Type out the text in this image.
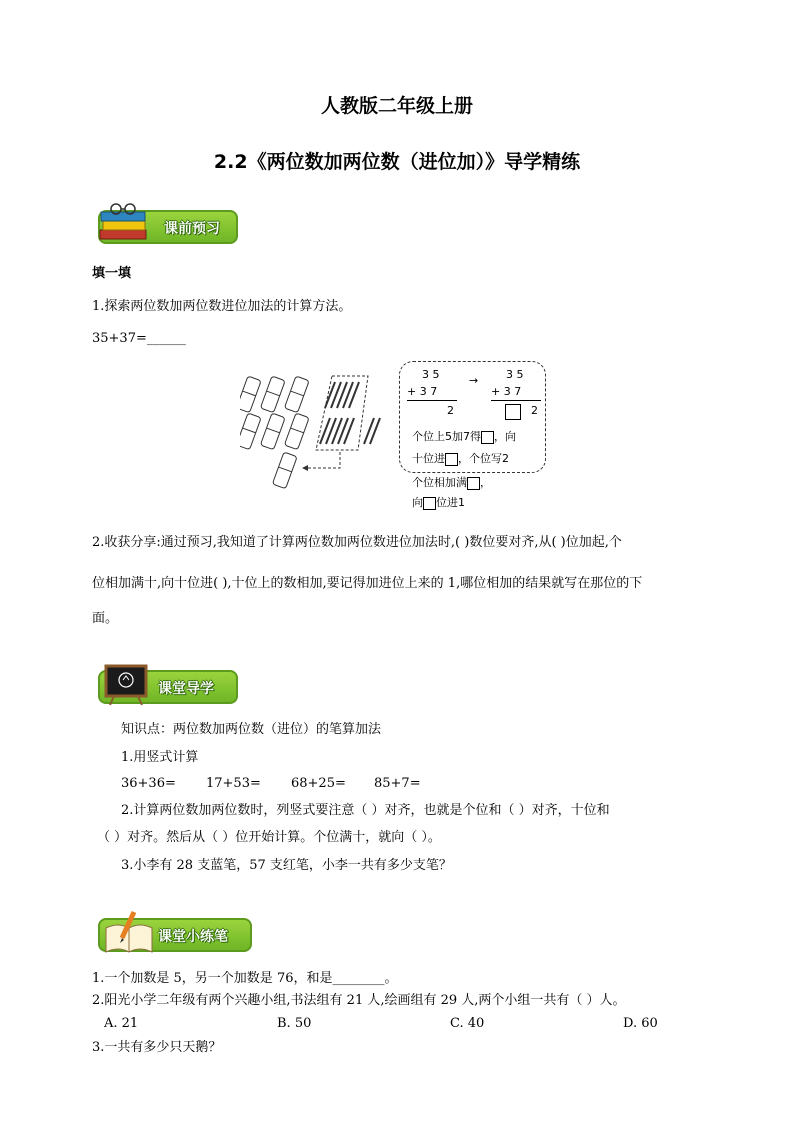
人教版二年级上册
2.2《两位数加两位数（进位加）》导学精练
课前预习
填一填
1.探索两位数加两位数进位加法的计算方法。
35+37=______
3 5
+ 3 7
2
→	3 5
+ 3 7
2
个位上5加7得 ，向
十位进 ，个位写2
个位相加满 ，
向 位进1
2.收获分享:通过预习,我知道了计算两位数加两位数进位加法时,( )数位要对齐,从( )位加起,个
位相加满十,向十位进( ),十位上的数相加,要记得加进位上来的 1,哪位相加的结果就写在那位的下
面。
课堂导学
知识点：两位数加两位数（进位）的笔算加法
1.用竖式计算
36+36= 17+53= 68+25= 85+7=
2.计算两位数加两位数时，列竖式要注意（ ）对齐，也就是个位和（ ）对齐，十位和
（ ）对齐。然后从（ ）位开始计算。个位满十，就向（ ）。
3.小李有 28 支蓝笔，57 支红笔，小李一共有多少支笔？
课堂小练笔
1.一个加数是 5，另一个加数是 76，和是________。
2.阳光小学二年级有两个兴趣小组,书法组有 21 人,绘画组有 29 人,两个小组一共有（ ）人。
A. 21	B. 50	C. 40	D. 60
3.一共有多少只天鹅？
